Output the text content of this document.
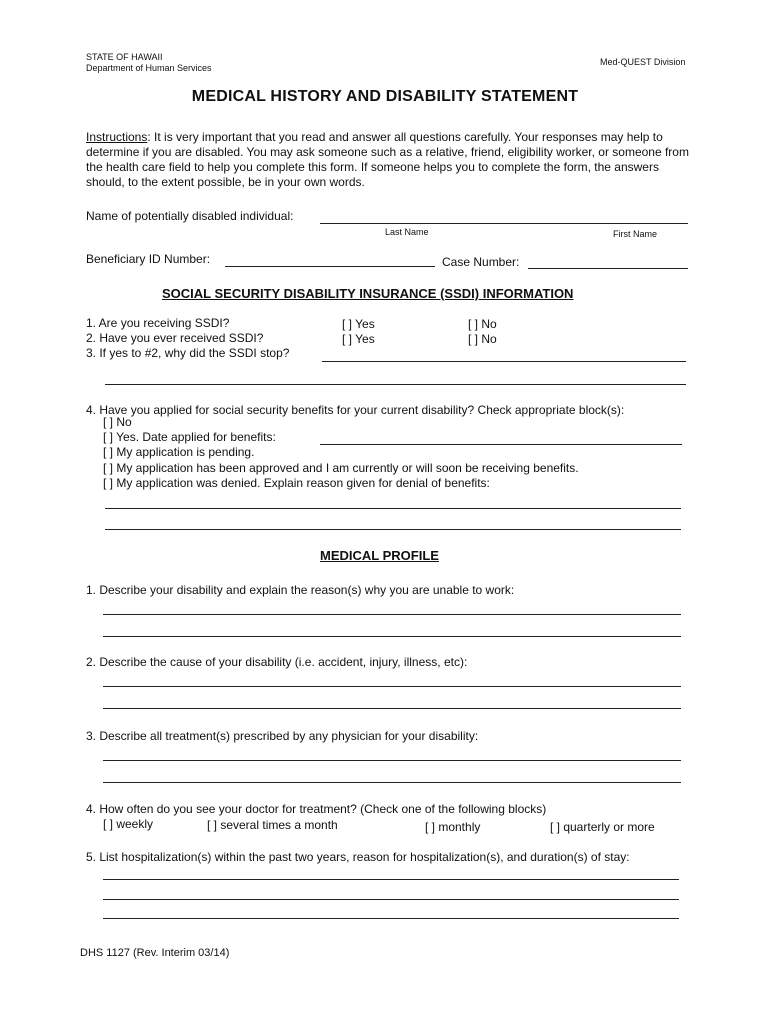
STATE OF HAWAII
Department of Human Services
Med-QUEST Division
MEDICAL HISTORY AND DISABILITY STATEMENT
Instructions: It is very important that you read and answer all questions carefully. Your responses may help to determine if you are disabled. You may ask someone such as a relative, friend, eligibility worker, or someone from the health care field to help you complete this form. If someone helps you to complete the form, the answers should, to the extent possible, be in your own words.
Name of potentially disabled individual:
Last Name	First Name
Beneficiary ID Number:	Case Number:
SOCIAL SECURITY DISABILITY INSURANCE (SSDI) INFORMATION
1. Are you receiving SSDI?	[ ] Yes	[ ] No
2. Have you ever received SSDI?	[ ] Yes	[ ] No
3. If yes to #2, why did the SSDI stop?
4. Have you applied for social security benefits for your current disability? Check appropriate block(s):
[ ] No
[ ] Yes. Date applied for benefits:
[ ] My application is pending.
[ ] My application has been approved and I am currently or will soon be receiving benefits.
[ ] My application was denied. Explain reason given for denial of benefits:
MEDICAL PROFILE
1. Describe your disability and explain the reason(s) why you are unable to work:
2. Describe the cause of your disability (i.e. accident, injury, illness, etc):
3. Describe all treatment(s) prescribed by any physician for your disability:
4. How often do you see your doctor for treatment? (Check one of the following blocks)
[ ] weekly	[ ] several times a month	[ ] monthly	[ ] quarterly or more
5. List hospitalization(s) within the past two years, reason for hospitalization(s), and duration(s) of stay:
DHS 1127 (Rev. Interim 03/14)
